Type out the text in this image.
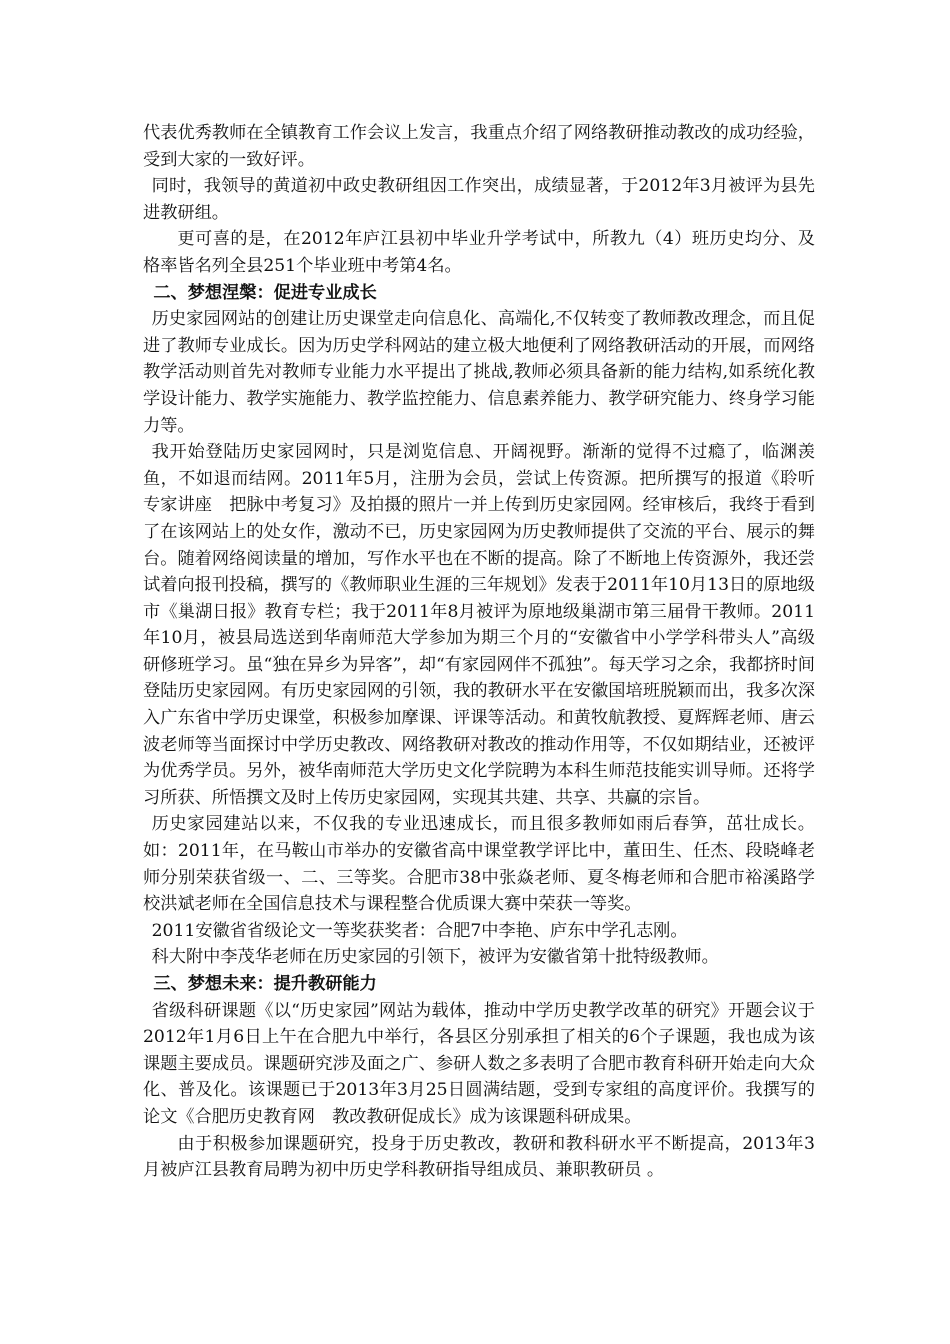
代表优秀教师在全镇教育工作会议上发言，我重点介绍了网络教研推动教改的成功经验，受到大家的一致好评。

同时，我领导的黄道初中政史教研组因工作突出，成绩显著，于2012年3月被评为县先进教研组。

更可喜的是，在2012年庐江县初中毕业升学考试中，所教九（4）班历史均分、及格率皆名列全县251个毕业班中考第4名。

二、梦想涅槃：促进专业成长

历史家园网站的创建让历史课堂走向信息化、高端化,不仅转变了教师教改理念，而且促进了教师专业成长。因为历史学科网站的建立极大地便利了网络教研活动的开展，而网络教学活动则首先对教师专业能力水平提出了挑战,教师必须具备新的能力结构,如系统化教学设计能力、教学实施能力、教学监控能力、信息素养能力、教学研究能力、终身学习能力等。

我开始登陆历史家园网时，只是浏览信息、开阔视野。渐渐的觉得不过瘾了，临渊羡鱼，不如退而结网。2011年5月，注册为会员，尝试上传资源。把所撰写的报道《聆听专家讲座　把脉中考复习》及拍摄的照片一并上传到历史家园网。经审核后，我终于看到了在该网站上的处女作，激动不已，历史家园网为历史教师提供了交流的平台、展示的舞台。随着网络阅读量的增加，写作水平也在不断的提高。除了不断地上传资源外，我还尝试着向报刊投稿，撰写的《教师职业生涯的三年规划》发表于2011年10月13日的原地级市《巢湖日报》教育专栏；我于2011年8月被评为原地级巢湖市第三届骨干教师。2011年10月，被县局选送到华南师范大学参加为期三个月的“安徽省中小学学科带头人”高级研修班学习。虽“独在异乡为异客”，却“有家园网伴不孤独”。每天学习之余，我都挤时间登陆历史家园网。有历史家园网的引领，我的教研水平在安徽国培班脱颖而出，我多次深入广东省中学历史课堂，积极参加摩课、评课等活动。和黄牧航教授、夏辉辉老师、唐云波老师等当面探讨中学历史教改、网络教研对教改的推动作用等，不仅如期结业，还被评为优秀学员。另外，被华南师范大学历史文化学院聘为本科生师范技能实训导师。还将学习所获、所悟撰文及时上传历史家园网，实现其共建、共享、共赢的宗旨。

历史家园建站以来，不仅我的专业迅速成长，而且很多教师如雨后春笋，茁壮成长。如：2011年，在马鞍山市举办的安徽省高中课堂教学评比中，董田生、任杰、段晓峰老师分别荣获省级一、二、三等奖。合肥市38中张焱老师、夏冬梅老师和合肥市裕溪路学校洪斌老师在全国信息技术与课程整合优质课大赛中荣获一等奖。

2011安徽省省级论文一等奖获奖者：合肥7中李艳、庐东中学孔志刚。

科大附中李茂华老师在历史家园的引领下，被评为安徽省第十批特级教师。

三、梦想未来：提升教研能力

省级科研课题《以“历史家园”网站为载体，推动中学历史教学改革的研究》开题会议于2012年1月6日上午在合肥九中举行，各县区分别承担了相关的6个子课题，我也成为该课题主要成员。课题研究涉及面之广、参研人数之多表明了合肥市教育科研开始走向大众化、普及化。该课题已于2013年3月25日圆满结题，受到专家组的高度评价。我撰写的论文《合肥历史教育网　教改教研促成长》成为该课题科研成果。

由于积极参加课题研究，投身于历史教改，教研和教科研水平不断提高，2013年3月被庐江县教育局聘为初中历史学科教研指导组成员、兼职教研员 。
